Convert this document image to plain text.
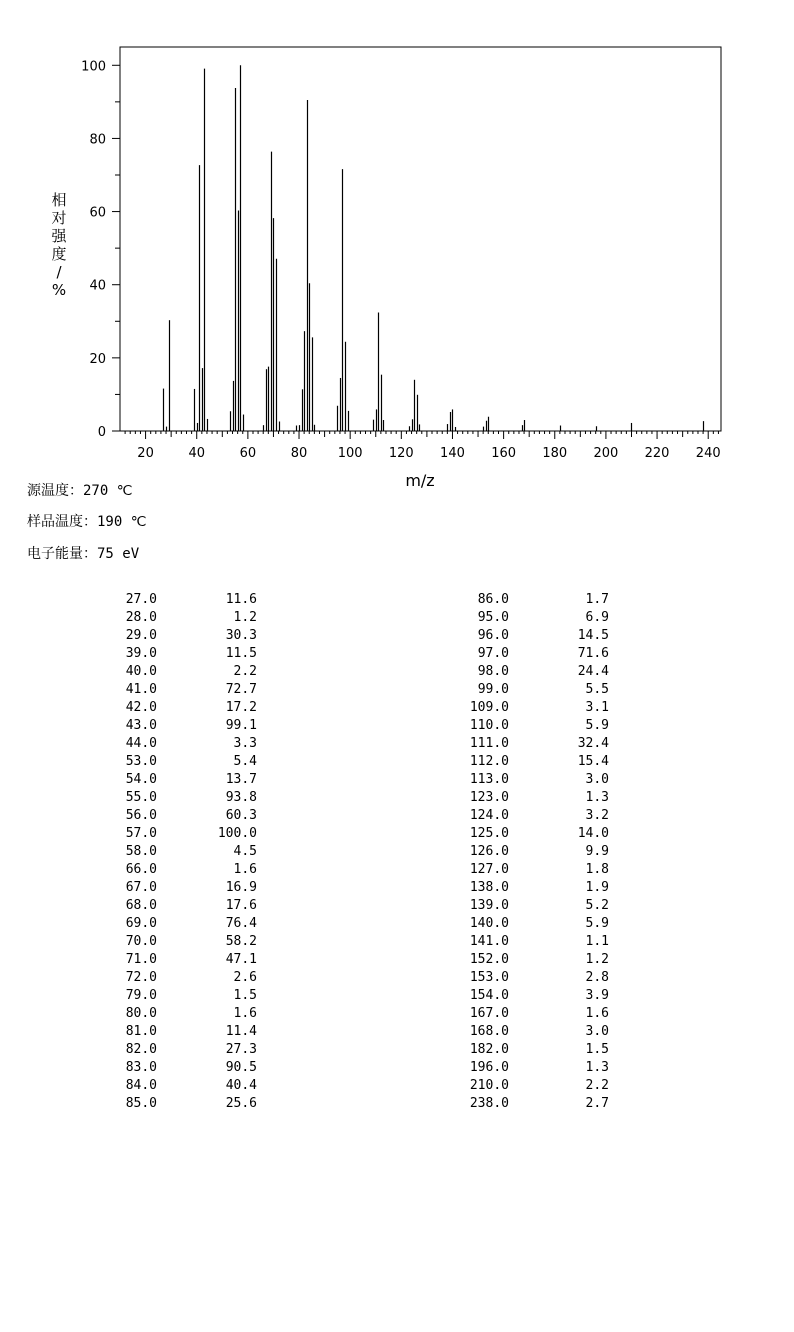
0
20
40
60
80
100
20	40	60	80 100 120 140 160 180 200 220 240
m/z
相对强度/ %
源温度：270 ℃
样品温度：190 ℃
电子能量：75 eV
27.0	11.6
28.0	1.2
29.0	30.3
39.0	11.5
40.0	2.2
41.0	72.7
42.0	17.2
43.0	99.1
44.0	3.3
53.0	5.4
54.0	13.7
55.0	93.8
56.0	60.3
57.0	100.0
58.0	4.5
66.0	1.6
67.0	16.9
68.0	17.6
69.0	76.4
70.0	58.2
71.0	47.1
72.0	2.6
79.0	1.5
80.0	1.6
81.0	11.4
82.0	27.3
83.0	90.5
84.0	40.4
85.0	25.6
86.0	1.7
95.0	6.9
96.0	14.5
97.0	71.6
98.0	24.4
99.0	5.5
109.0	3.1
110.0	5.9
111.0	32.4
112.0	15.4
113.0	3.0
123.0	1.3
124.0	3.2
125.0	14.0
126.0	9.9
127.0	1.8
138.0	1.9
139.0	5.2
140.0	5.9
141.0	1.1
152.0	1.2
153.0	2.8
154.0	3.9
167.0	1.6
168.0	3.0
182.0	1.5
196.0	1.3
210.0	2.2
238.0	2.7
